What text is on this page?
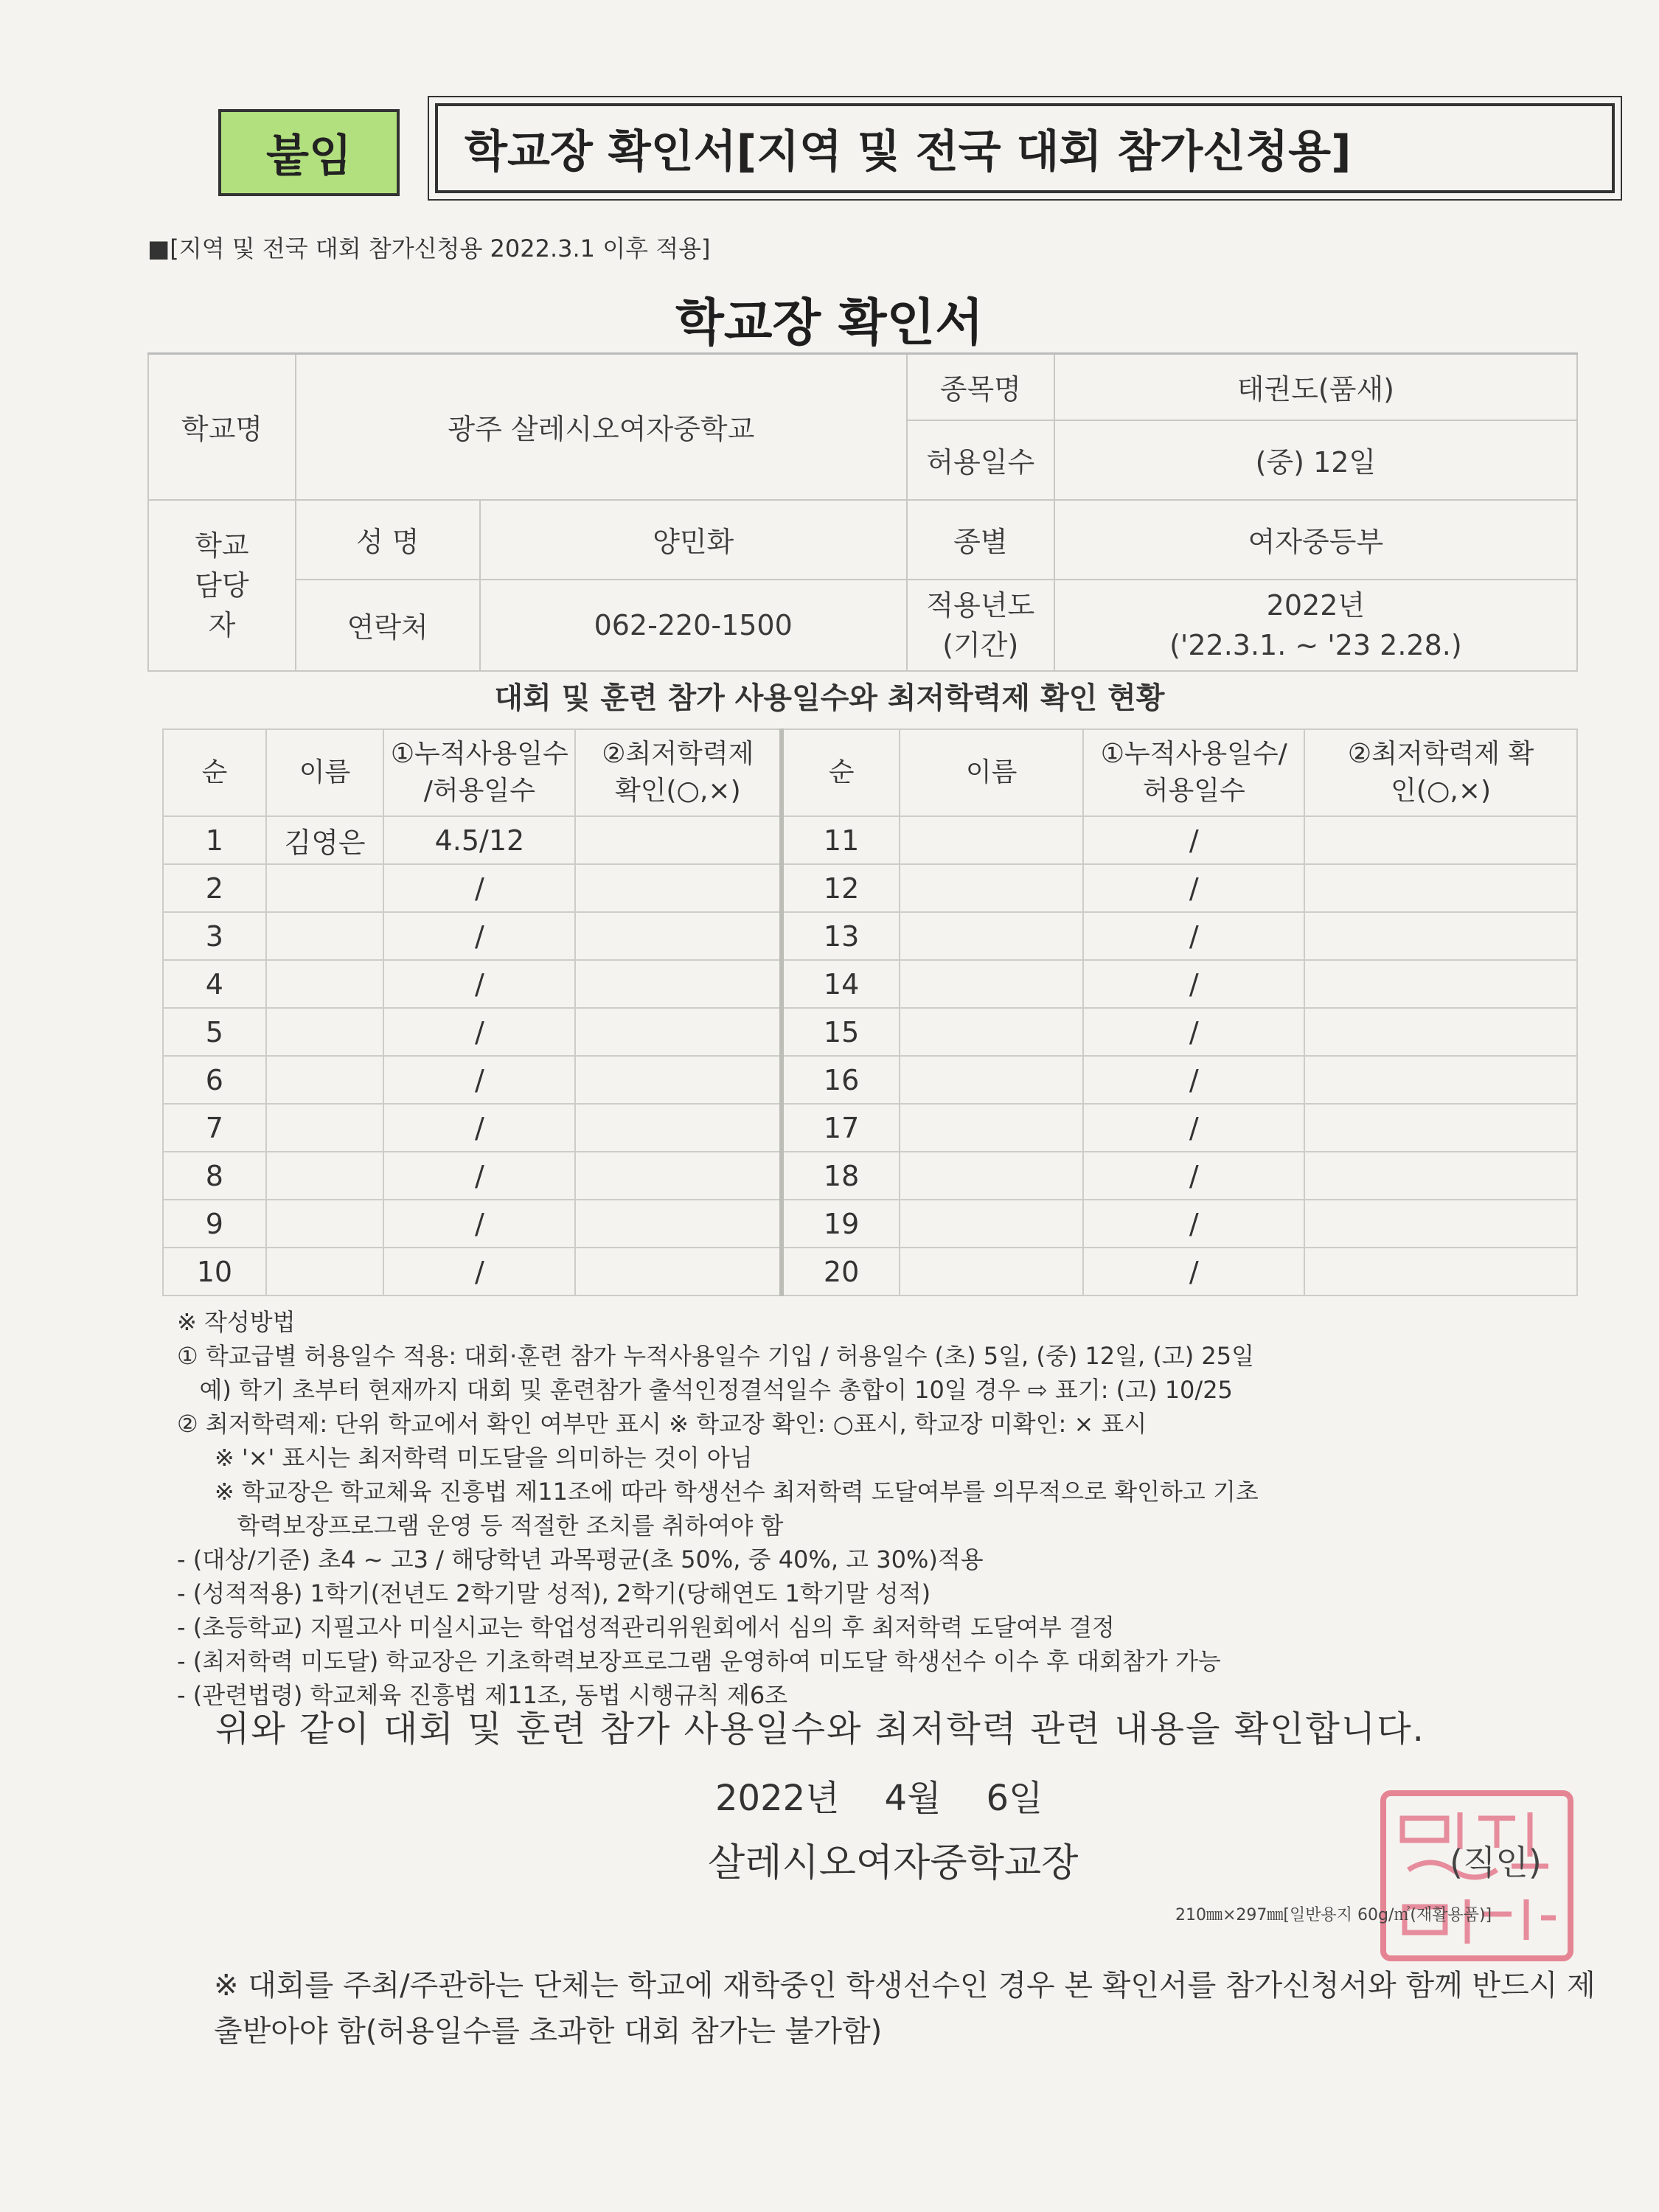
붙임	학교장 확인서[지역 및 전국 대회 참가신청용]
■[지역 및 전국 대회 참가신청용 2022.3.1 이후 적용]
학교장 확인서
학교명	광주 살레시오여자중학교		종목명	태권도(품새)
			허용일수	(중) 12일
학교 담당자	성 명	양민화	종별	여자중등부
	연락처	062-220-1500	적용년도 (기간)	2022년
('22.3.1. ~ '23 2.28.)
대회 및 훈련 참가 사용일수와 최저학력제 확인 현황
순	이름	①누적사용일수 /허용일수	②최저학력제 확인(○,×)	순	이름	①누적사용일수/ 허용일수	②최저학력제 확인(○,×)
1	김영은	4.5/12		11		/	
2		/		12		/	
3		/		13		/	
4		/		14		/	
5		/		15		/	
6		/		16		/	
7		/		17		/	
8		/		18		/	
9		/		19		/	
10		/		20		/	
※ 작성방법
① 학교급별 허용일수 적용: 대회·훈련 참가 누적사용일수 기입 / 허용일수 (초) 5일, (중) 12일, (고) 25일
예) 학기 초부터 현재까지 대회 및 훈련참가 출석인정결석일수 총합이 10일 경우 ⇨ 표기: (고) 10/25
② 최저학력제: 단위 학교에서 확인 여부만 표시 ※ 학교장 확인: ○표시, 학교장 미확인: × 표시
※ '×' 표시는 최저학력 미도달을 의미하는 것이 아님
※ 학교장은 학교체육 진흥법 제11조에 따라 학생선수 최저학력 도달여부를 의무적으로 확인하고 기초
학력보장프로그램 운영 등 적절한 조치를 취하여야 함
- (대상/기준) 초4 ~ 고3 / 해당학년 과목평균(초 50%, 중 40%, 고 30%)적용
- (성적적용) 1학기(전년도 2학기말 성적), 2학기(당해연도 1학기말 성적)
- (초등학교) 지필고사 미실시교는 학업성적관리위원회에서 심의 후 최저학력 도달여부 결정
- (최저학력 미도달) 학교장은 기초학력보장프로그램 운영하여 미도달 학생선수 이수 후 대회참가 가능
- (관련법령) 학교체육 진흥법 제11조, 동법 시행규칙 제6조
위와 같이 대회 및 훈련 참가 사용일수와 최저학력 관련 내용을 확인합니다.
2022년    4월    6일
살레시오여자중학교장	(직인)
210㎜×297㎜[일반용지 60g/㎡(재활용품)]
※ 대회를 주최/주관하는 단체는 학교에 재학중인 학생선수인 경우 본 확인서를 참가신청서와 함께 반드시 제출받아야 함(허용일수를 초과한 대회 참가는 불가함)
